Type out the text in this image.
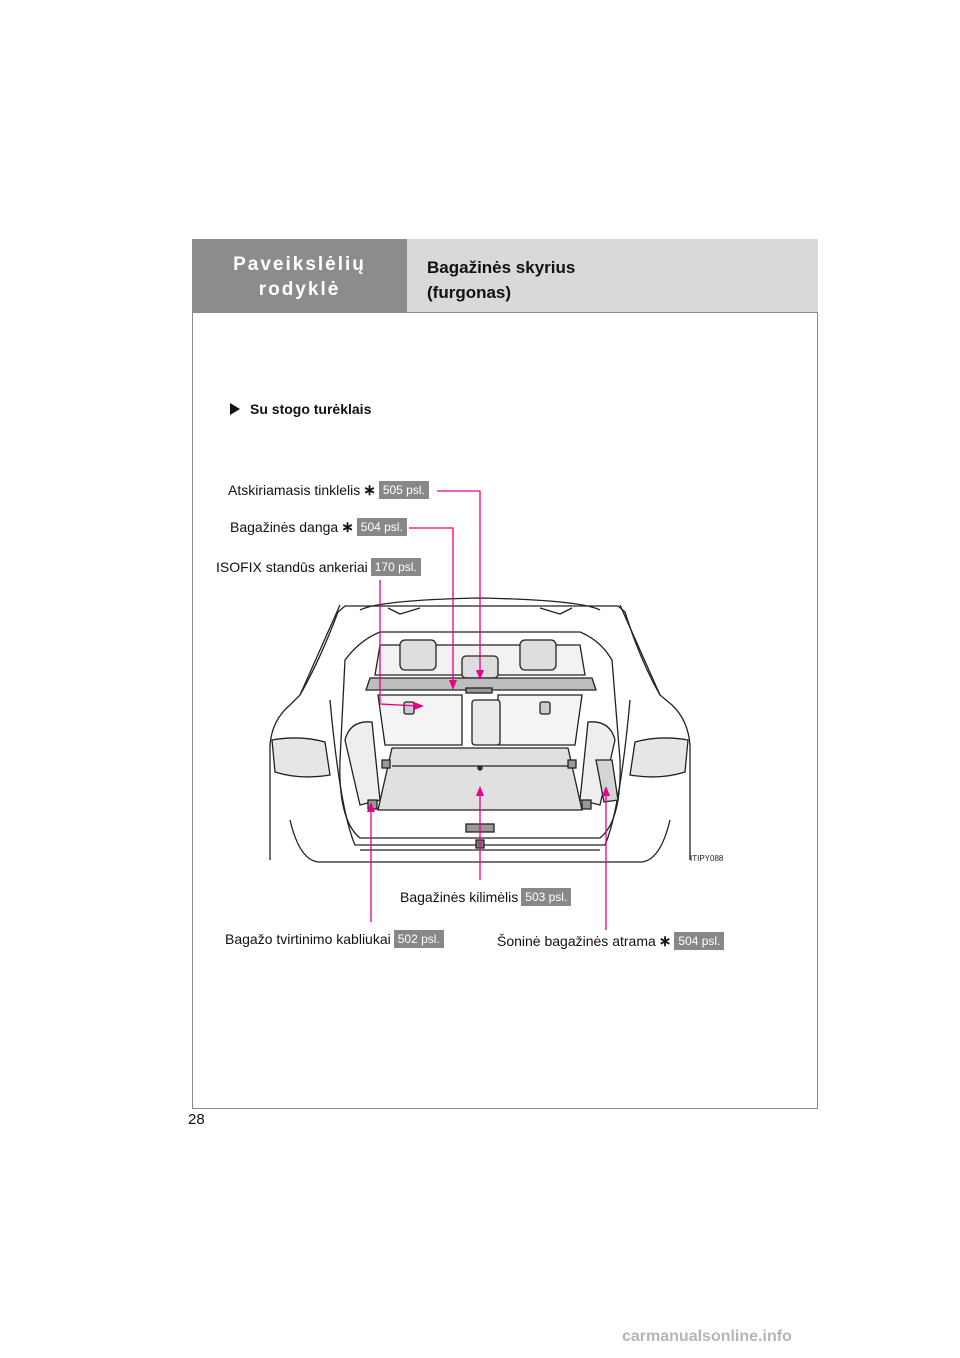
Paveikslėlių
rodyklė
Bagažinės skyrius
(furgonas)
Su stogo turėklais
Atskiriamasis tinklelis ∗ 505 psl.
Bagažinės danga ∗ 504 psl.
ISOFIX standūs ankeriai 170 psl.
ITIPY088
Bagažinės kilimėlis 503 psl.
Bagažo tvirtinimo kabliukai 502 psl.	Šoninė bagažinės atrama ∗ 504 psl.
28
carmanualsonline.info
